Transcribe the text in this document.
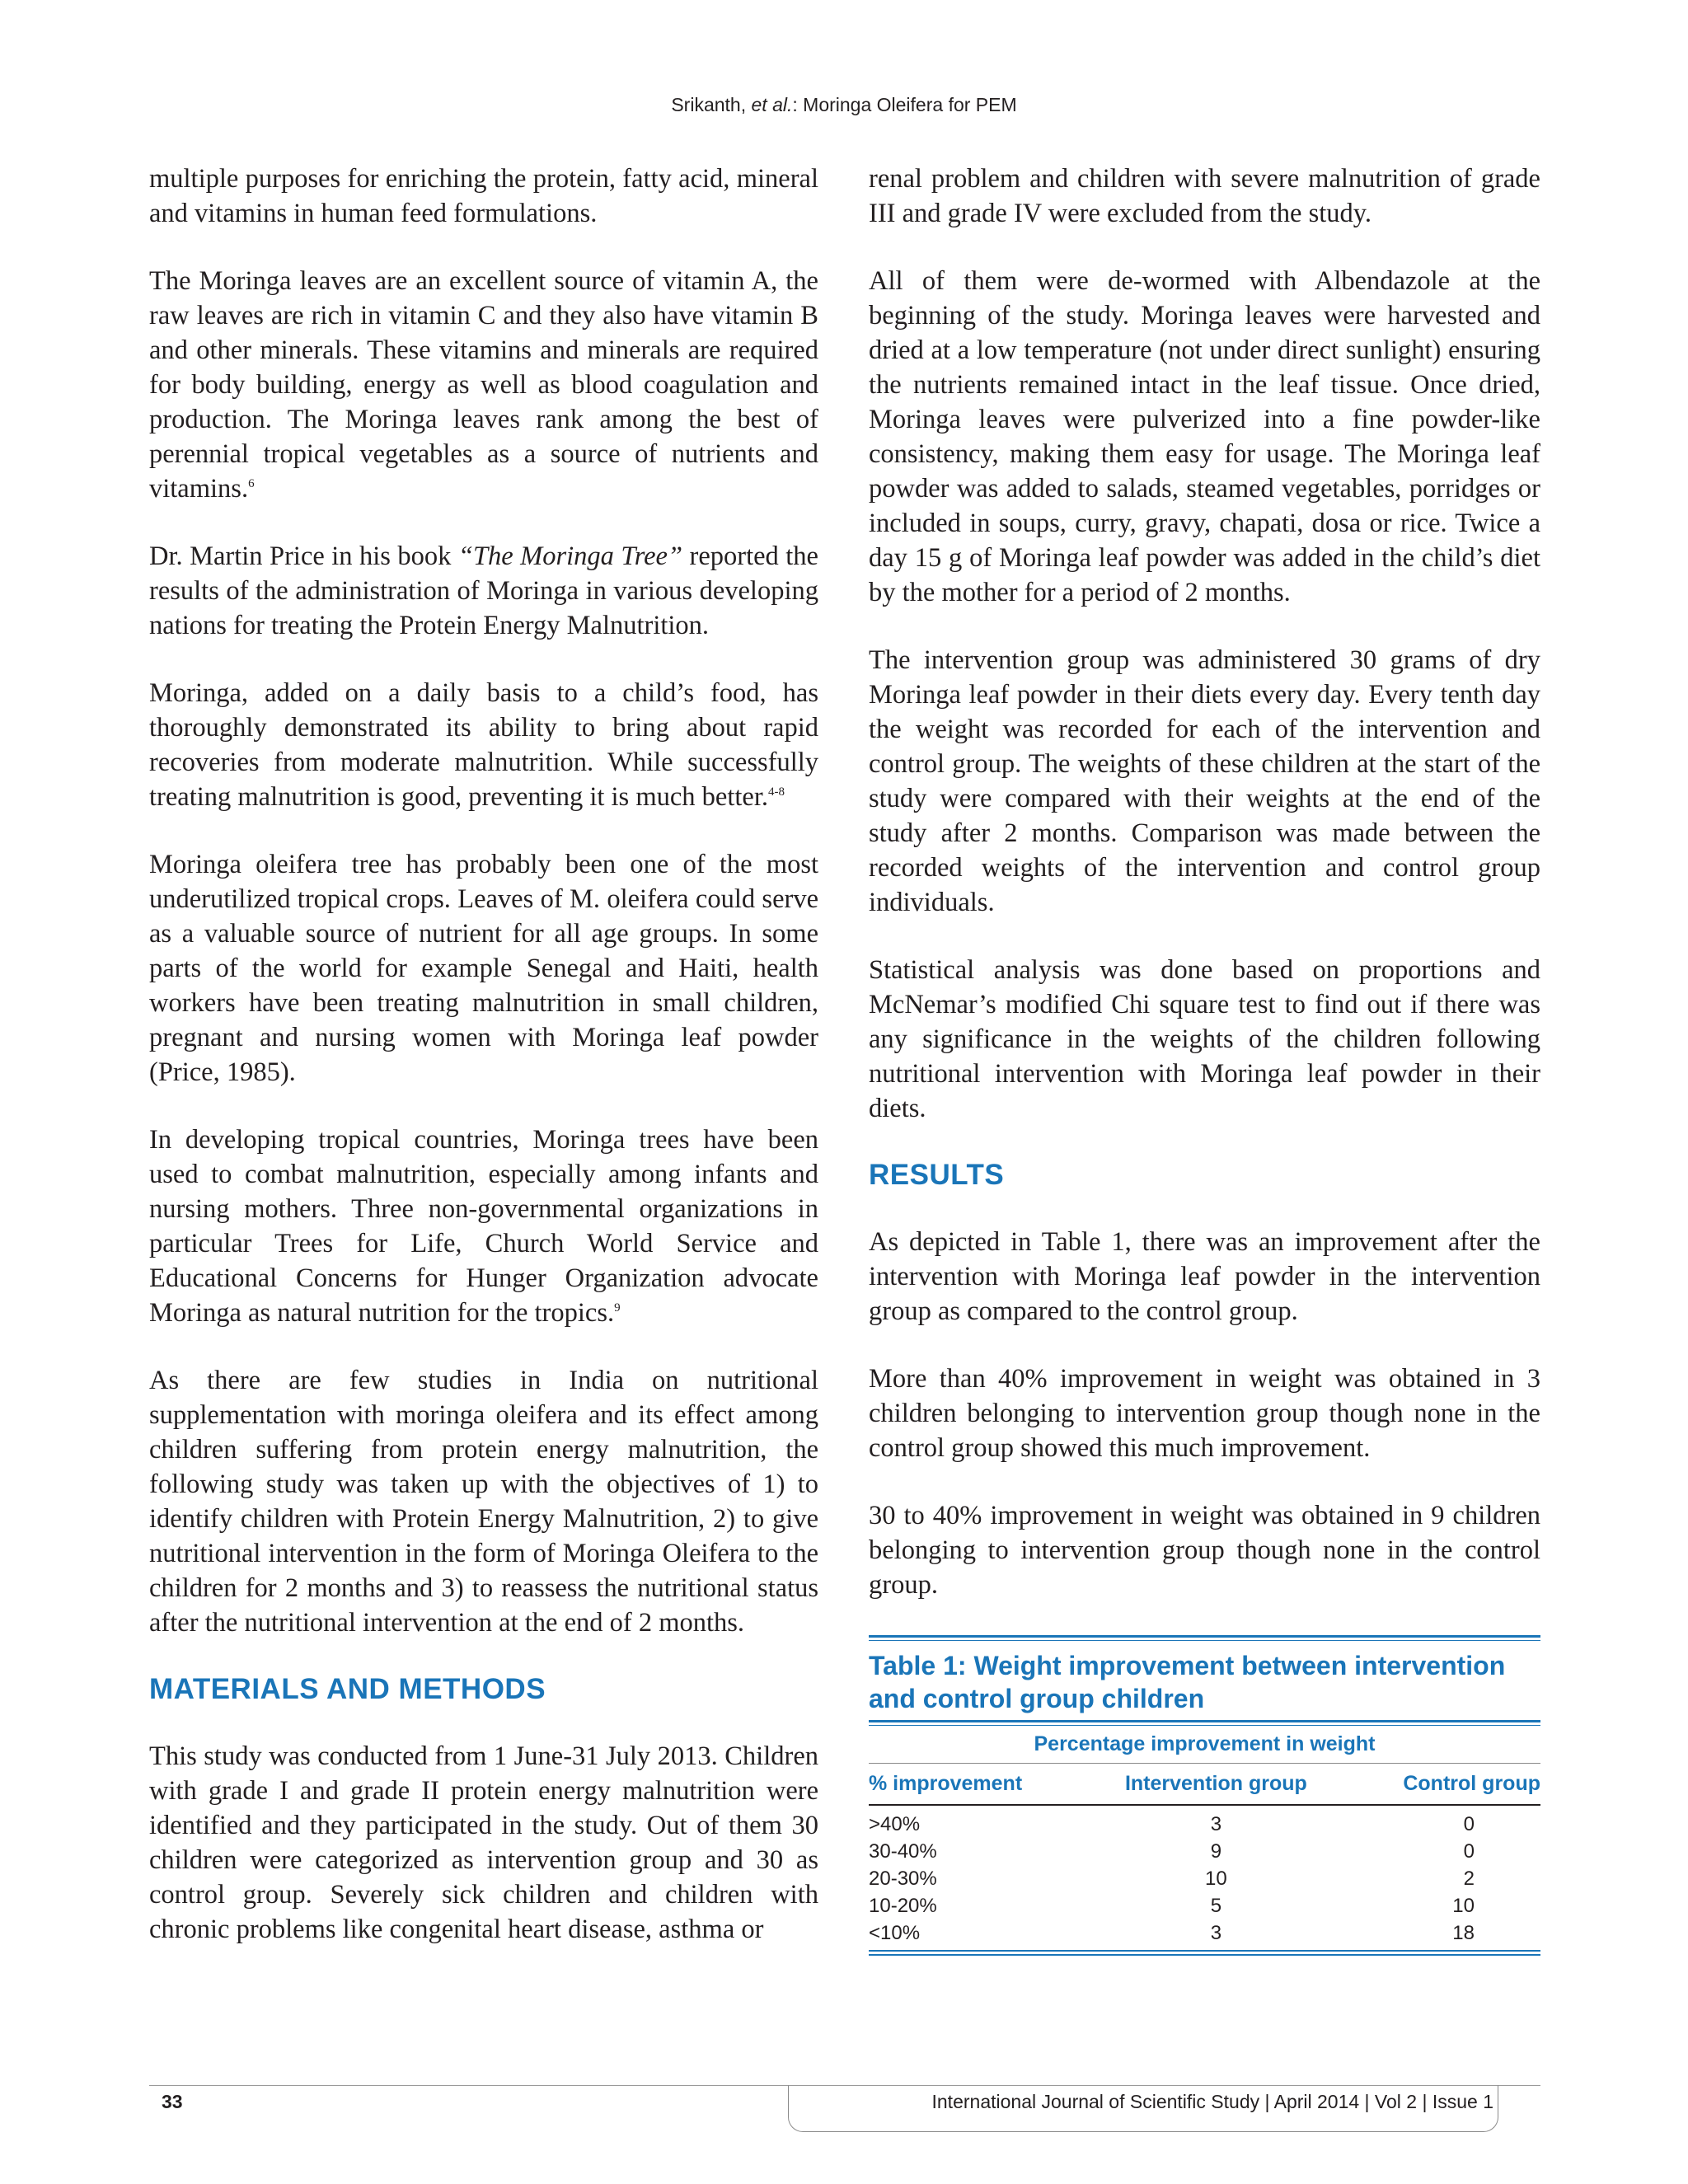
Srikanth, et al.: Moringa Oleifera for PEM

multiple purposes for enriching the protein, fatty acid, mineral and vitamins in human feed formulations.

The Moringa leaves are an excellent source of vitamin A, the raw leaves are rich in vitamin C and they also have vitamin B and other minerals. These vitamins and minerals are required for body building, energy as well as blood coagulation and production. The Moringa leaves rank among the best of perennial tropical vegetables as a source of nutrients and vitamins.$^6$

Dr. Martin Price in his book “The Moringa Tree” reported the results of the administration of Moringa in various developing nations for treating the Protein Energy Malnutrition.

Moringa, added on a daily basis to a child’s food, has thoroughly demonstrated its ability to bring about rapid recoveries from moderate malnutrition. While successfully treating malnutrition is good, preventing it is much better.$^{4-8}$

Moringa oleifera tree has probably been one of the most underutilized tropical crops. Leaves of M. oleifera could serve as a valuable source of nutrient for all age groups. In some parts of the world for example Senegal and Haiti, health workers have been treating malnutrition in small children, pregnant and nursing women with Moringa leaf powder (Price, 1985).

In developing tropical countries, Moringa trees have been used to combat malnutrition, especially among infants and nursing mothers. Three non-governmental organizations in particular Trees for Life, Church World Service and Educational Concerns for Hunger Organization advocate Moringa as natural nutrition for the tropics.$^9$

As there are few studies in India on nutritional supplementation with moringa oleifera and its effect among children suffering from protein energy malnutrition, the following study was taken up with the objectives of 1) to identify children with Protein Energy Malnutrition, 2) to give nutritional intervention in the form of Moringa Oleifera to the children for 2 months and 3) to reassess the nutritional status after the nutritional intervention at the end of 2 months.

MATERIALS AND METHODS

This study was conducted from 1 June-31 July 2013. Children with grade I and grade II protein energy malnutrition were identified and they participated in the study. Out of them 30 children were categorized as intervention group and 30 as control group. Severely sick children and children with chronic problems like congenital heart disease, asthma or

renal problem and children with severe malnutrition of grade III and grade IV were excluded from the study.

All of them were de-wormed with Albendazole at the beginning of the study. Moringa leaves were harvested and dried at a low temperature (not under direct sunlight) ensuring the nutrients remained intact in the leaf tissue. Once dried, Moringa leaves were pulverized into a fine powder-like consistency, making them easy for usage. The Moringa leaf powder was added to salads, steamed vegetables, porridges or included in soups, curry, gravy, chapati, dosa or rice. Twice a day 15 g of Moringa leaf powder was added in the child’s diet by the mother for a period of 2 months.

The intervention group was administered 30 grams of dry Moringa leaf powder in their diets every day. Every tenth day the weight was recorded for each of the intervention and control group. The weights of these children at the start of the study were compared with their weights at the end of the study after 2 months. Comparison was made between the recorded weights of the intervention and control group individuals.

Statistical analysis was done based on proportions and McNemar’s modified Chi square test to find out if there was any significance in the weights of the children following nutritional intervention with Moringa leaf powder in their diets.

RESULTS

As depicted in Table 1, there was an improvement after the intervention with Moringa leaf powder in the intervention group as compared to the control group.

More than 40% improvement in weight was obtained in 3 children belonging to intervention group though none in the control group showed this much improvement.

30 to 40% improvement in weight was obtained in 9 children belonging to intervention group though none in the control group.

Table 1: Weight improvement between intervention and control group children
Percentage improvement in weight		
% improvement	Intervention group	Control group
>40%	3	0
30-40%	9	0
20-30%	10	2
10-20%	5	10
<10%	3	18
33	International Journal of Scientific Study | April 2014 | Vol 2 | Issue 1
